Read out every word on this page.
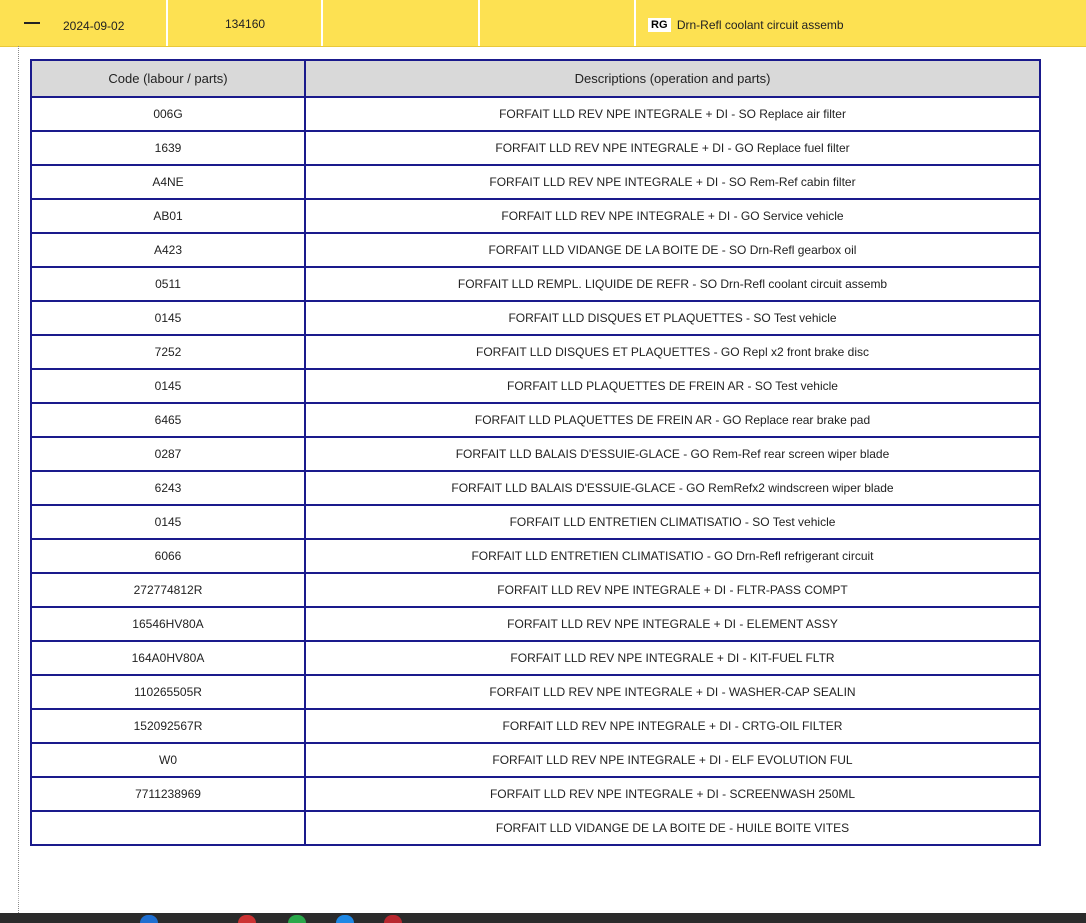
2024-09-02	134160	RG Drn-Refl coolant circuit assemb
Code (labour / parts)	Descriptions (operation and parts)
006G	FORFAIT LLD REV NPE INTEGRALE + DI - SO Replace air filter
1639	FORFAIT LLD REV NPE INTEGRALE + DI - GO Replace fuel filter
A4NE	FORFAIT LLD REV NPE INTEGRALE + DI - SO Rem-Ref cabin filter
AB01	FORFAIT LLD REV NPE INTEGRALE + DI - GO Service vehicle
A423	FORFAIT LLD VIDANGE DE LA BOITE DE - SO Drn-Refl gearbox oil
0511	FORFAIT LLD REMPL. LIQUIDE DE REFR - SO Drn-Refl coolant circuit assemb
0145	FORFAIT LLD DISQUES ET PLAQUETTES - SO Test vehicle
7252	FORFAIT LLD DISQUES ET PLAQUETTES - GO Repl x2 front brake disc
0145	FORFAIT LLD PLAQUETTES DE FREIN AR - SO Test vehicle
6465	FORFAIT LLD PLAQUETTES DE FREIN AR - GO Replace rear brake pad
0287	FORFAIT LLD BALAIS D'ESSUIE-GLACE - GO Rem-Ref rear screen wiper blade
6243	FORFAIT LLD BALAIS D'ESSUIE-GLACE - GO RemRefx2 windscreen wiper blade
0145	FORFAIT LLD ENTRETIEN CLIMATISATIO - SO Test vehicle
6066	FORFAIT LLD ENTRETIEN CLIMATISATIO - GO Drn-Refl refrigerant circuit
272774812R	FORFAIT LLD REV NPE INTEGRALE + DI - FLTR-PASS COMPT
16546HV80A	FORFAIT LLD REV NPE INTEGRALE + DI - ELEMENT ASSY
164A0HV80A	FORFAIT LLD REV NPE INTEGRALE + DI - KIT-FUEL FLTR
110265505R	FORFAIT LLD REV NPE INTEGRALE + DI - WASHER-CAP SEALIN
152092567R	FORFAIT LLD REV NPE INTEGRALE + DI - CRTG-OIL FILTER
W0	FORFAIT LLD REV NPE INTEGRALE + DI - ELF EVOLUTION FUL
7711238969	FORFAIT LLD REV NPE INTEGRALE + DI - SCREENWASH 250ML
	FORFAIT LLD VIDANGE DE LA BOITE DE - HUILE BOITE VITES
Autovit.ro
